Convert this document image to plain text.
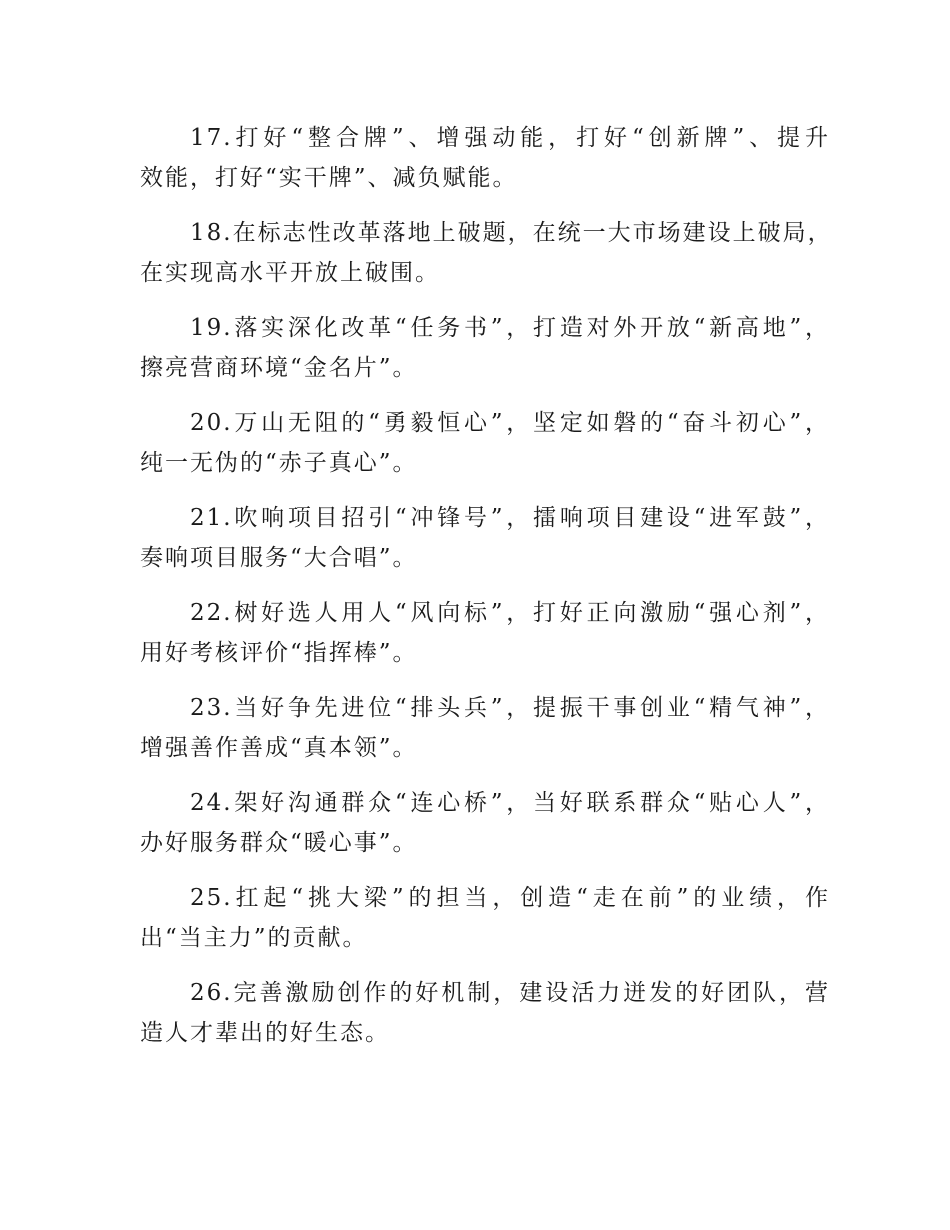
17.打好“整合牌”、增强动能，打好“创新牌”、提升
效能，打好“实干牌”、减负赋能。

18.在标志性改革落地上破题，在统一大市场建设上破局，
在实现高水平开放上破围。

19.落实深化改革“任务书”，打造对外开放“新高地”，
擦亮营商环境“金名片”。

20.万山无阻的“勇毅恒心”，坚定如磐的“奋斗初心”，
纯一无伪的“赤子真心”。

21.吹响项目招引“冲锋号”，擂响项目建设“进军鼓”，
奏响项目服务“大合唱”。

22.树好选人用人“风向标”，打好正向激励“强心剂”，
用好考核评价“指挥棒”。

23.当好争先进位“排头兵”，提振干事创业“精气神”，
增强善作善成“真本领”。

24.架好沟通群众“连心桥”，当好联系群众“贴心人”，
办好服务群众“暖心事”。

25.扛起“挑大梁”的担当，创造“走在前”的业绩，作
出“当主力”的贡献。

26.完善激励创作的好机制，建设活力迸发的好团队，营
造人才辈出的好生态。
